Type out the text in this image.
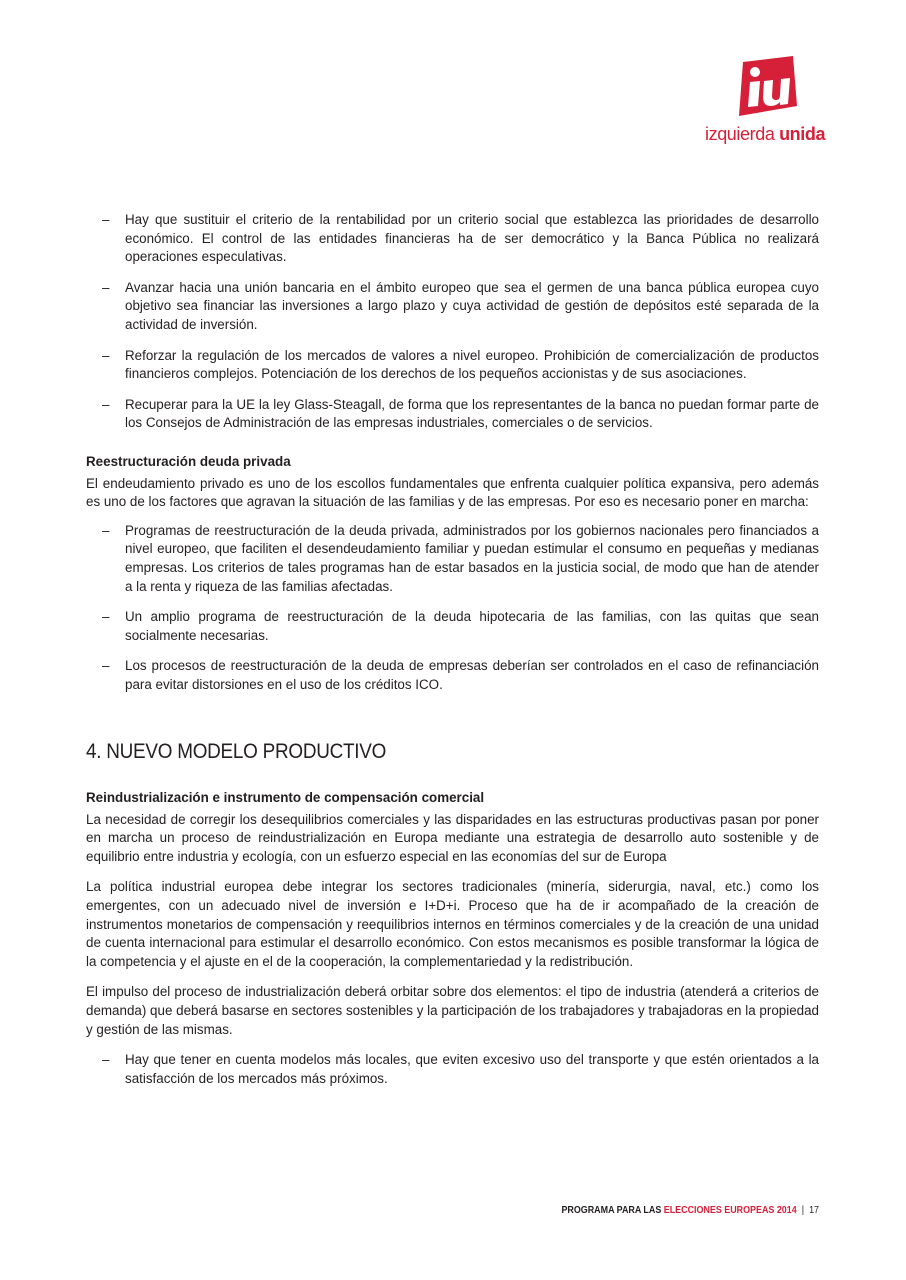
izquierda unida
– Hay que sustituir el criterio de la rentabilidad por un criterio social que establezca las prioridades de desarrollo económico. El control de las entidades financieras ha de ser democrático y la Banca Pública no realizará operaciones especulativas.
– Avanzar hacia una unión bancaria en el ámbito europeo que sea el germen de una banca pública europea cuyo objetivo sea financiar las inversiones a largo plazo y cuya actividad de gestión de depósitos esté separada de la actividad de inversión.
– Reforzar la regulación de los mercados de valores a nivel europeo. Prohibición de comercialización de productos financieros complejos. Potenciación de los derechos de los pequeños accionistas y de sus asociaciones.
– Recuperar para la UE la ley Glass-Steagall, de forma que los representantes de la banca no puedan formar parte de los Consejos de Administración de las empresas industriales, comerciales o de servicios.
Reestructuración deuda privada

El endeudamiento privado es uno de los escollos fundamentales que enfrenta cualquier política expansiva, pero además es uno de los factores que agravan la situación de las familias y de las empresas. Por eso es necesario poner en marcha:

– Programas de reestructuración de la deuda privada, administrados por los gobiernos nacionales pero financiados a nivel europeo, que faciliten el desendeudamiento familiar y puedan estimular el consumo en pequeñas y medianas empresas. Los criterios de tales programas han de estar basados en la justicia social, de modo que han de atender a la renta y riqueza de las familias afectadas.
– Un amplio programa de reestructuración de la deuda hipotecaria de las familias, con las quitas que sean socialmente necesarias.
– Los procesos de reestructuración de la deuda de empresas deberían ser controlados en el caso de refinanciación para evitar distorsiones en el uso de los créditos ICO.
4. NUEVO MODELO PRODUCTIVO
Reindustrialización e instrumento de compensación comercial

La necesidad de corregir los desequilibrios comerciales y las disparidades en las estructuras productivas pasan por poner en marcha un proceso de reindustrialización en Europa mediante una estrategia de desarrollo auto sostenible y de equilibrio entre industria y ecología, con un esfuerzo especial en las economías del sur de Europa

La política industrial europea debe integrar los sectores tradicionales (minería, siderurgia, naval, etc.) como los emergentes, con un adecuado nivel de inversión e I+D+i. Proceso que ha de ir acompañado de la creación de instrumentos monetarios de compensación y reequilibrios internos en términos comerciales y de la creación de una unidad de cuenta internacional para estimular el desarrollo económico. Con estos mecanismos es posible transformar la lógica de la competencia y el ajuste en el de la cooperación, la complementariedad y la redistribución.

El impulso del proceso de industrialización deberá orbitar sobre dos elementos: el tipo de industria (atenderá a criterios de demanda) que deberá basarse en sectores sostenibles y la participación de los trabajadores y trabajadoras en la propiedad y gestión de las mismas.

– Hay que tener en cuenta modelos más locales, que eviten excesivo uso del transporte y que estén orientados a la satisfacción de los mercados más próximos.
PROGRAMA PARA LAS ELECCIONES EUROPEAS 2014 | 17
